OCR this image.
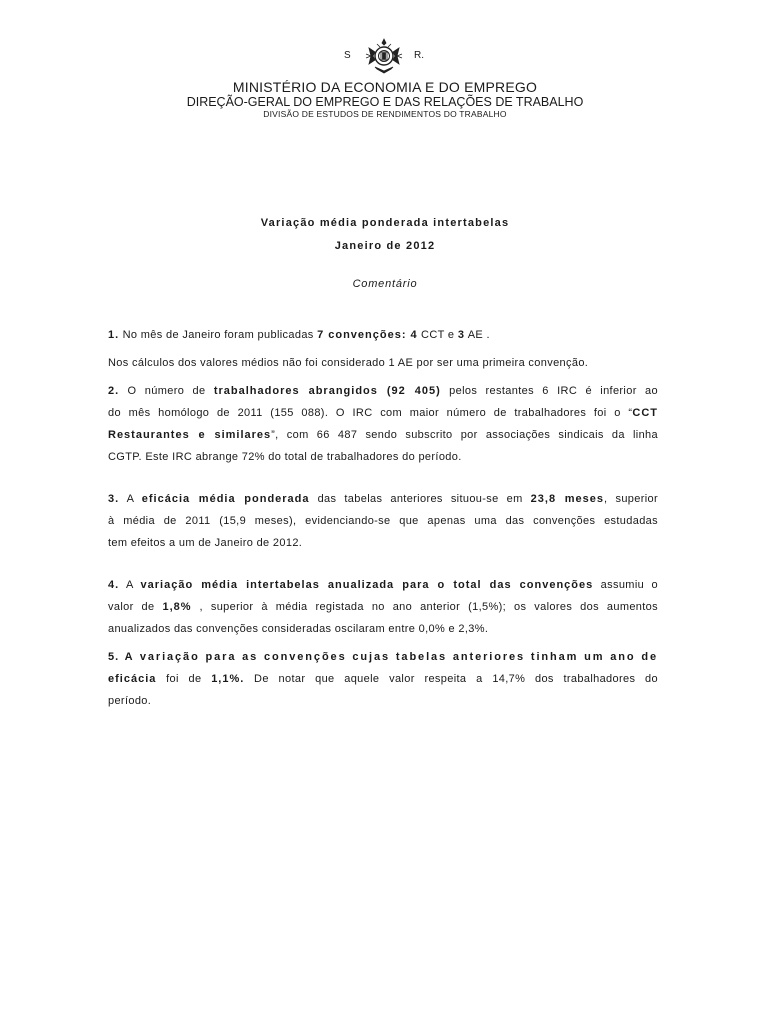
S	R.
MINISTÉRIO DA ECONOMIA E DO EMPREGO
DIREÇÃO-GERAL DO EMPREGO E DAS RELAÇÕES DE TRABALHO
DIVISÃO DE ESTUDOS DE RENDIMENTOS DO TRABALHO
Variação média ponderada intertabelas
Janeiro de 2012
Comentário

1. No mês de Janeiro foram publicadas 7 convenções: 4 CCT e 3 AE .

Nos cálculos dos valores médios não foi considerado 1 AE por ser uma primeira convenção.

2. O número de trabalhadores abrangidos (92 405) pelos restantes 6 IRC é inferior ao
do mês homólogo de 2011 (155 088). O IRC com maior número de trabalhadores foi o “CCT
Restaurantes e similares”, com 66 487 sendo subscrito por associações sindicais da linha
CGTP. Este IRC abrange 72% do total de trabalhadores do período.
3. A eficácia média ponderada das tabelas anteriores situou-se em 23,8 meses, superior
à média de 2011 (15,9 meses), evidenciando-se que apenas uma das convenções estudadas
tem efeitos a um de Janeiro de 2012.
4. A variação média intertabelas anualizada para o total das convenções assumiu o
valor de 1,8% , superior à média registada no ano anterior (1,5%); os valores dos aumentos
anualizados das convenções consideradas oscilaram entre 0,0% e 2,3%.
5. A variação para as convenções cujas tabelas anteriores tinham um ano de
eficácia foi de 1,1%. De notar que aquele valor respeita a 14,7% dos trabalhadores do
período.
